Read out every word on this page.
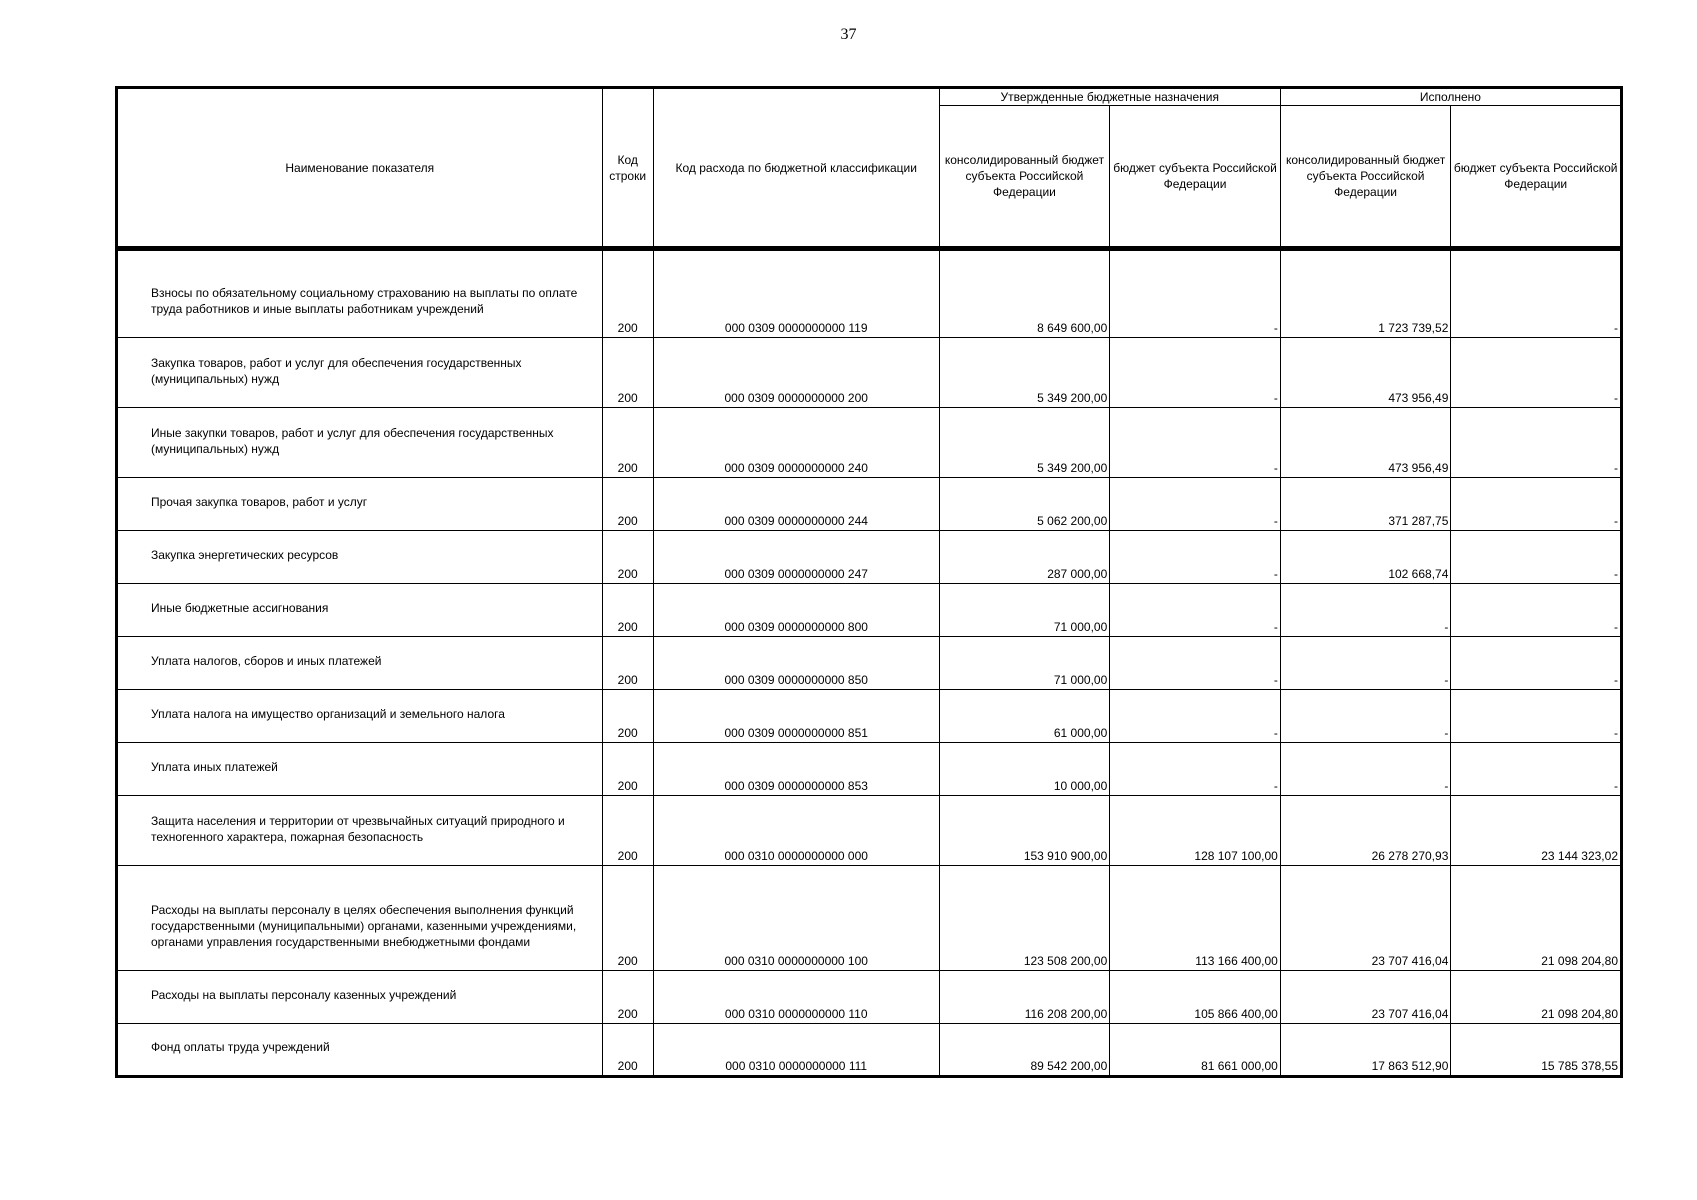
37
Наименование показателя	Код строки	Код расхода по бюджетной классификации	Утвержденные бюджетные назначения		Исполнено	
			консолидированный бюджет субъекта Российской Федерации	бюджет субъекта Российской Федерации	консолидированный бюджет субъекта Российской Федерации	бюджет субъекта Российской Федерации

Взносы по обязательному социальному страхованию на выплаты по оплате труда работников и иные выплаты работникам учреждений	200	000 0309 0000000000 119	8 649 600,00	-	1 723 739,52	-

Закупка товаров, работ и услуг для обеспечения государственных (муниципальных) нужд	200	000 0309 0000000000 200	5 349 200,00	-	473 956,49	-

Иные закупки товаров, работ и услуг для обеспечения государственных (муниципальных) нужд	200	000 0309 0000000000 240	5 349 200,00	-	473 956,49	-

Прочая закупка товаров, работ и услуг	200	000 0309 0000000000 244	5 062 200,00	-	371 287,75	-

Закупка энергетических ресурсов	200	000 0309 0000000000 247	287 000,00	-	102 668,74	-

Иные бюджетные ассигнования	200	000 0309 0000000000 800	71 000,00	-	-	-

Уплата налогов, сборов и иных платежей	200	000 0309 0000000000 850	71 000,00	-	-	-

Уплата налога на имущество организаций и земельного налога	200	000 0309 0000000000 851	61 000,00	-	-	-

Уплата иных платежей	200	000 0309 0000000000 853	10 000,00	-	-	-

Защита населения и территории от чрезвычайных ситуаций природного и техногенного характера, пожарная безопасность	200	000 0310 0000000000 000	153 910 900,00	128 107 100,00	26 278 270,93	23 144 323,02

Расходы на выплаты персоналу в целях обеспечения выполнения функций государственными (муниципальными) органами, казенными учреждениями, органами управления государственными внебюджетными фондами	200	000 0310 0000000000 100	123 508 200,00	113 166 400,00	23 707 416,04	21 098 204,80

Расходы на выплаты персоналу казенных учреждений	200	000 0310 0000000000 110	116 208 200,00	105 866 400,00	23 707 416,04	21 098 204,80

Фонд оплаты труда учреждений	200	000 0310 0000000000 111	89 542 200,00	81 661 000,00	17 863 512,90	15 785 378,55
